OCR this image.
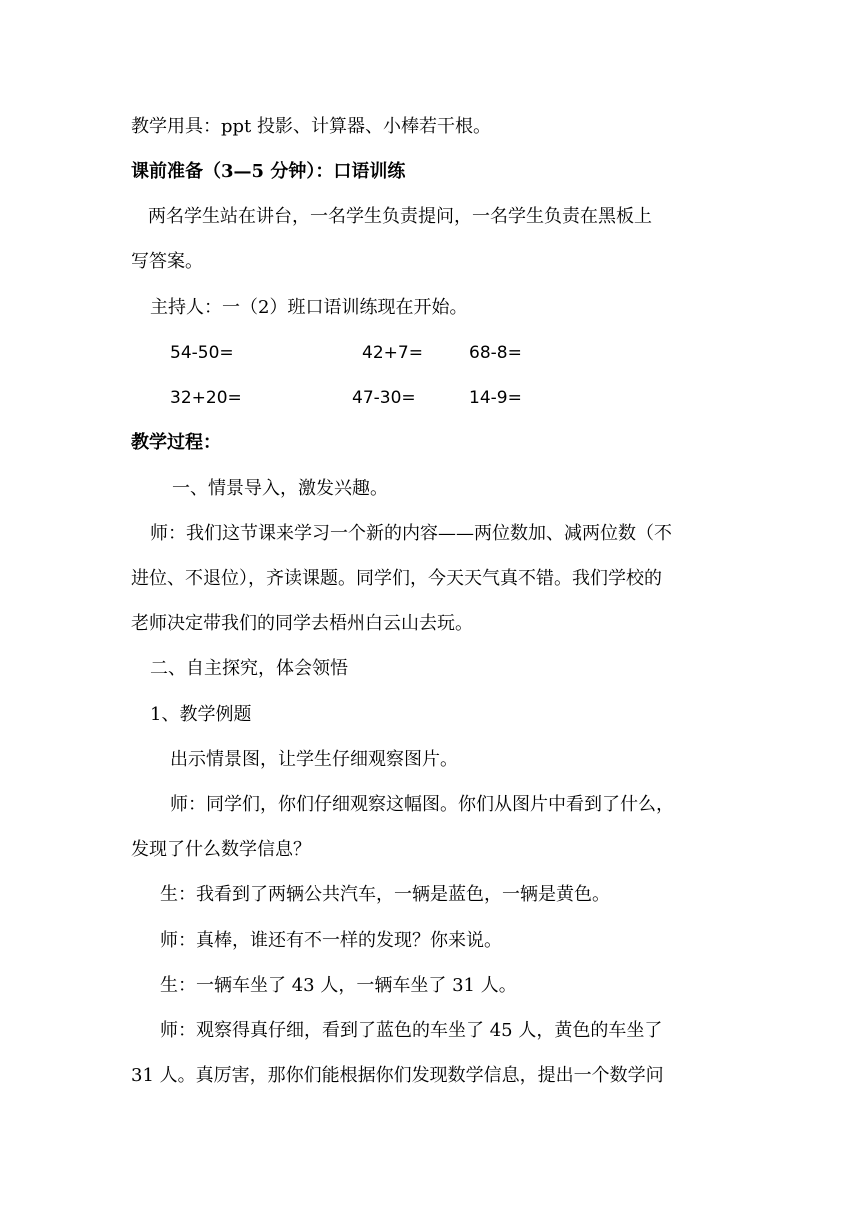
教学用具：ppt 投影、计算器、小棒若干根。
课前准备（3—5 分钟）：口语训练
两名学生站在讲台，一名学生负责提问，一名学生负责在黑板上
写答案。
主持人：一（2）班口语训练现在开始。
54-50=	42+7=	68-8=
32+20=	47-30=	14-9=
教学过程：
一、情景导入，激发兴趣。
师：我们这节课来学习一个新的内容——两位数加、减两位数（不
进位、不退位），齐读课题。同学们，今天天气真不错。我们学校的
老师决定带我们的同学去梧州白云山去玩。
二、自主探究，体会领悟
1、教学例题
出示情景图，让学生仔细观察图片。
师：同学们，你们仔细观察这幅图。你们从图片中看到了什么，
发现了什么数学信息？
生：我看到了两辆公共汽车，一辆是蓝色，一辆是黄色。
师：真棒，谁还有不一样的发现？你来说。
生：一辆车坐了 43 人，一辆车坐了 31 人。
师：观察得真仔细，看到了蓝色的车坐了 45 人，黄色的车坐了
31 人。真厉害，那你们能根据你们发现数学信息，提出一个数学问
